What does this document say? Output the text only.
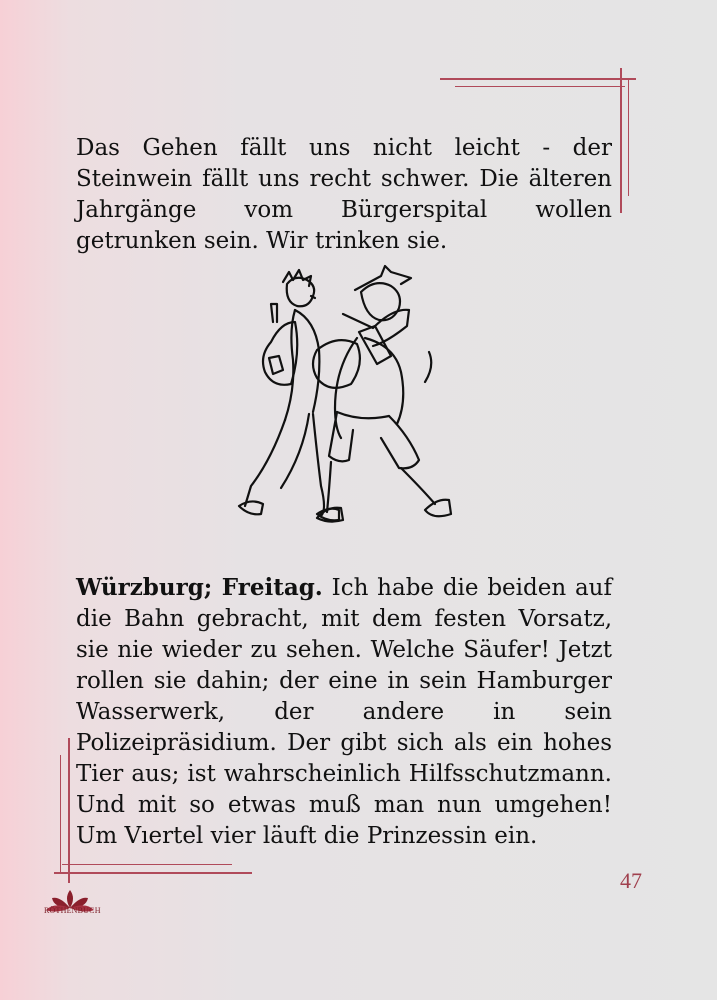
Das Gehen fällt uns nicht leicht - der Steinwein fällt uns recht schwer. Die älteren Jahrgänge vom Bürgerspital wollen getrunken sein. Wir trinken sie.

Würzburg; Freitag. Ich habe die beiden auf die Bahn gebracht, mit dem festen Vorsatz, sie nie wieder zu sehen. Welche Säufer! Jetzt rollen sie dahin; der eine in sein Hamburger Wasserwerk, der andere in sein Polizeipräsidium. Der gibt sich als ein hohes Tier aus; ist wahrscheinlich Hilfsschutzmann. Und mit so etwas muß man nun umgehen! Um Vıertel vier läuft die Prinzessin ein.

47
RÖTHENBUCH
